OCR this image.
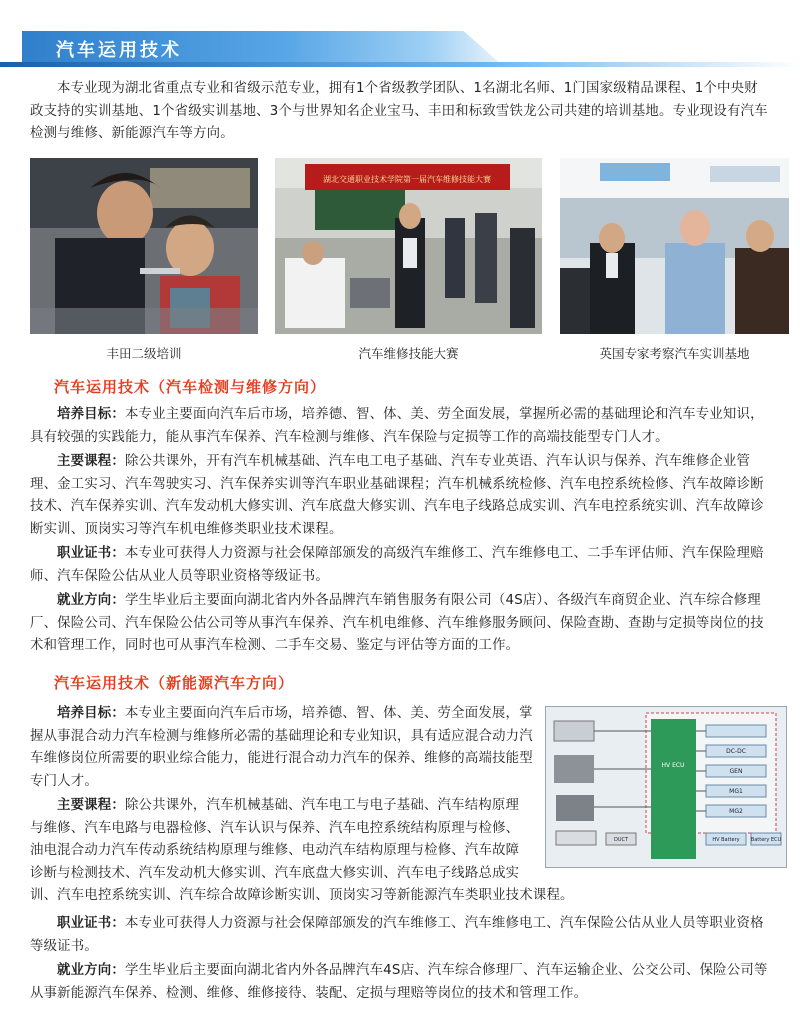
汽车运用技术
本专业现为湖北省重点专业和省级示范专业，拥有1个省级教学团队、1名湖北名师、1门国家级精品课程、1个中央财政支持的实训基地、1个省级实训基地、3个与世界知名企业宝马、丰田和标致雪铁龙公司共建的培训基地。专业现设有汽车检测与维修、新能源汽车等方向。
丰田二级培训
湖北交通职业技术学院第一届汽车维修技能大赛
汽车维修技能大赛	英国专家考察汽车实训基地
汽车运用技术（汽车检测与维修方向）
培养目标：本专业主要面向汽车后市场，培养德、智、体、美、劳全面发展，掌握所必需的基础理论和汽车专业知识，具有较强的实践能力，能从事汽车保养、汽车检测与维修、汽车保险与定损等工作的高端技能型专门人才。
主要课程：除公共课外，开有汽车机械基础、汽车电工电子基础、汽车专业英语、汽车认识与保养、汽车维修企业管理、金工实习、汽车驾驶实习、汽车保养实训等汽车职业基础课程；汽车机械系统检修、汽车电控系统检修、汽车故障诊断技术、汽车保养实训、汽车发动机大修实训、汽车底盘大修实训、汽车电子线路总成实训、汽车电控系统实训、汽车故障诊断实训、顶岗实习等汽车机电维修类职业技术课程。
职业证书：本专业可获得人力资源与社会保障部颁发的高级汽车维修工、汽车维修电工、二手车评估师、汽车保险理赔师、汽车保险公估从业人员等职业资格等级证书。
就业方向：学生毕业后主要面向湖北省内外各品牌汽车销售服务有限公司（4S店）、各级汽车商贸企业、汽车综合修理厂、保险公司、汽车保险公估公司等从事汽车保养、汽车机电维修、汽车维修服务顾问、保险查勘、查勘与定损等岗位的技术和管理工作，同时也可从事汽车检测、二手车交易、鉴定与评估等方面的工作。
汽车运用技术（新能源汽车方向）
培养目标：本专业主要面向汽车后市场，培养德、智、体、美、劳全面发展，掌握从事混合动力汽车检测与维修所必需的基础理论和专业知识，具有适应混合动力汽车维修岗位所需要的职业综合能力，能进行混合动力汽车的保养、维修的高端技能型专门人才。
主要课程：除公共课外，汽车机械基础、汽车电工与电子基础、汽车结构原理与维修、汽车电路与电器检修、汽车认识与保养、汽车电控系统结构原理与检修、油电混合动力汽车传动系统结构原理与维修、电动汽车结构原理与检修、汽车故障诊断与检测技术、汽车发动机大修实训、汽车底盘大修实训、汽车电子线路总成实训、汽车电控系统实训、汽车综合故障诊断实训、顶岗实习等新能源汽车类职业技术课程。
职业证书：本专业可获得人力资源与社会保障部颁发的汽车维修工、汽车维修电工、汽车保险公估从业人员等职业资格等级证书。
就业方向：学生毕业后主要面向湖北省内外各品牌汽车4S店、汽车综合修理厂、汽车运输企业、公交公司、保险公司等从事新能源汽车保养、检测、维修、维修接待、装配、定损与理赔等岗位的技术和管理工作。
HV ECU
DC-DC
GEN
MG1
MG2
DUCT	HV Battery Battery ECU
